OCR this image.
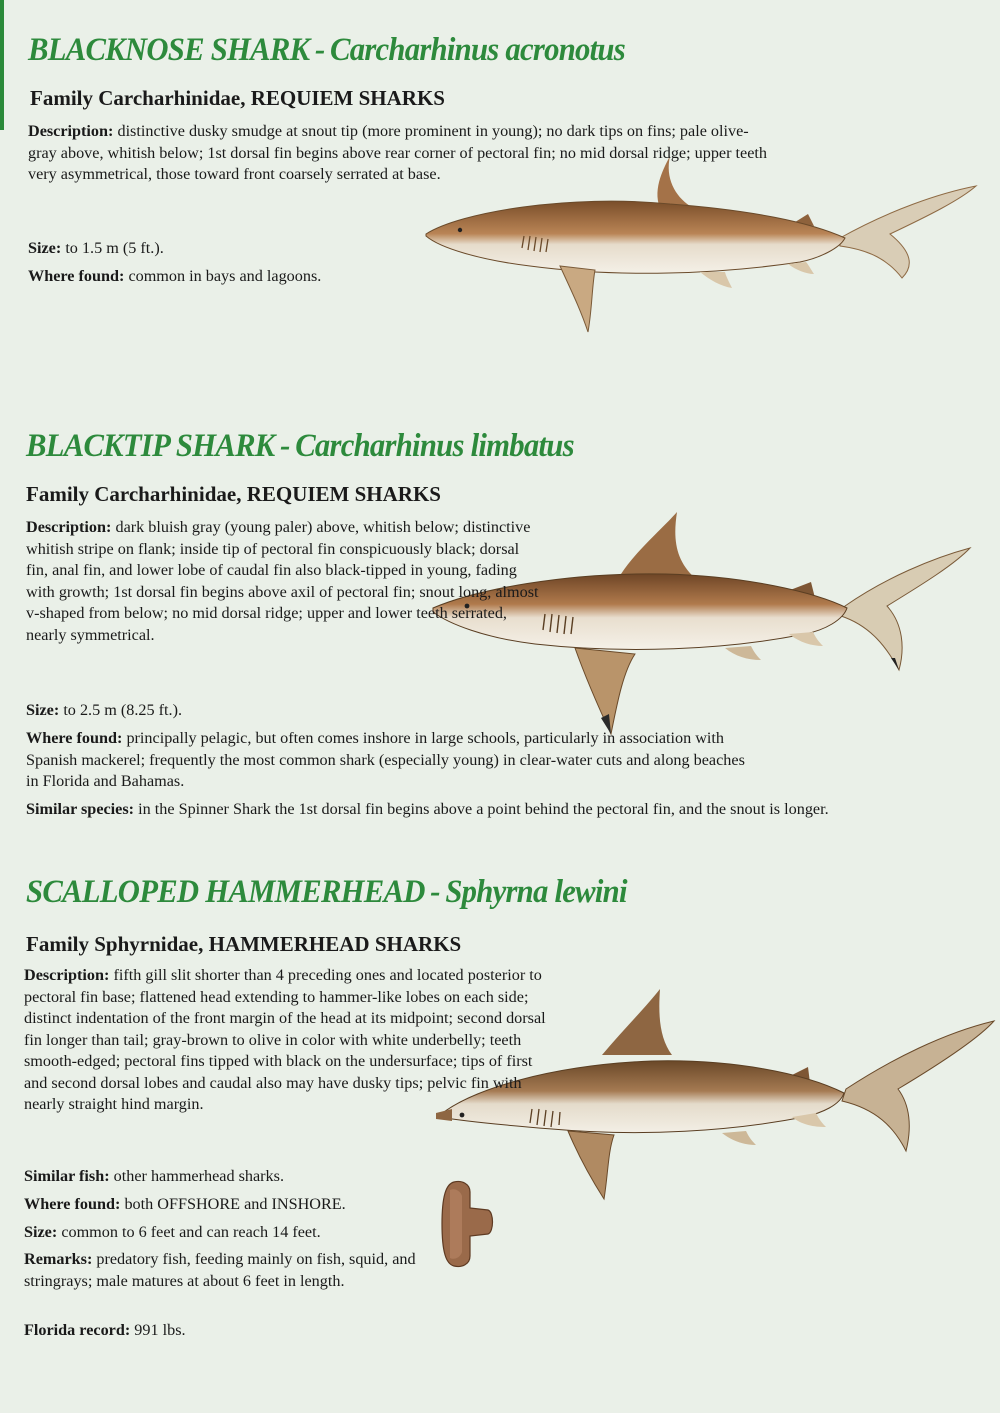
BLACKNOSE SHARK - Carcharhinus acronotus
Family Carcharhinidae, REQUIEM SHARKS

Description: distinctive dusky smudge at snout tip (more prominent in young); no dark tips on fins; pale olive-gray above, whitish below; 1st dorsal fin begins above rear corner of pectoral fin; no mid dorsal ridge; upper teeth very asymmetrical, those toward front coarsely serrated at base.

Size: to 1.5 m (5 ft.).

Where found: common in bays and lagoons.

BLACKTIP SHARK - Carcharhinus limbatus
Family Carcharhinidae, REQUIEM SHARKS

Description: dark bluish gray (young paler) above, whitish below; distinctive whitish stripe on flank; inside tip of pectoral fin conspicuously black; dorsal fin, anal fin, and lower lobe of caudal fin also black-tipped in young, fading with growth; 1st dorsal fin begins above axil of pectoral fin; snout long, almost v-shaped from below; no mid dorsal ridge; upper and lower teeth serrated, nearly symmetrical.

Size: to 2.5 m (8.25 ft.).

Where found: principally pelagic, but often comes inshore in large schools, particularly in association with Spanish mackerel; frequently the most common shark (especially young) in clear-water cuts and along beaches in Florida and Bahamas.

Similar species: in the Spinner Shark the 1st dorsal fin begins above a point behind the pectoral fin, and the snout is longer.

SCALLOPED HAMMERHEAD - Sphyrna lewini
Family Sphyrnidae, HAMMERHEAD SHARKS

Description: fifth gill slit shorter than 4 preceding ones and located posterior to pectoral fin base; flattened head extending to hammer-like lobes on each side; distinct indentation of the front margin of the head at its midpoint; second dorsal fin longer than tail; gray-brown to olive in color with white underbelly; teeth smooth-edged; pectoral fins tipped with black on the undersurface; tips of first and second dorsal lobes and caudal also may have dusky tips; pelvic fin with nearly straight hind margin.

Similar fish: other hammerhead sharks.

Where found: both OFFSHORE and INSHORE.

Size: common to 6 feet and can reach 14 feet.

Remarks: predatory fish, feeding mainly on fish, squid, and stringrays; male matures at about 6 feet in length.

Florida record: 991 lbs.
